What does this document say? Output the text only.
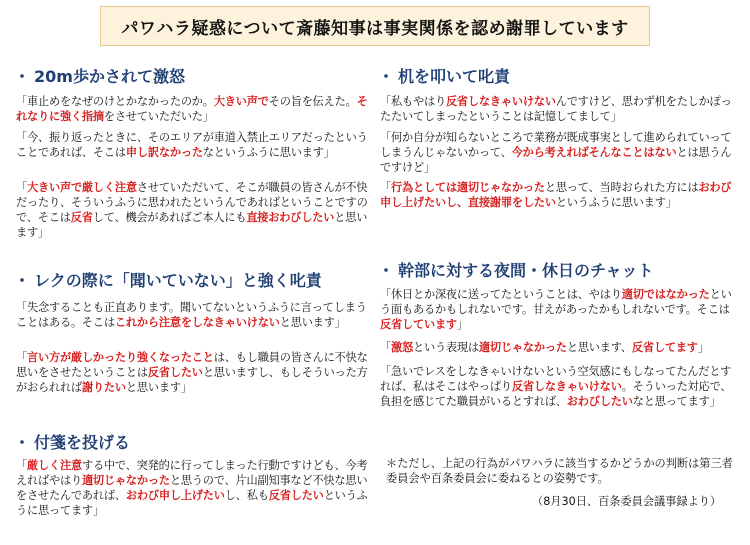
パワハラ疑惑について斎藤知事は事実関係を認め謝罪しています
・ 20m歩かされて激怒
「車止めをなぜのけとかなかったのか。大きい声でその旨を伝えた。それなりに強く指摘をさせていただいた」
「今、振り返ったときに、そのエリアが車道入禁止エリアだったということであれば、そこは申し訳なかったなというふうに思います」
「大きい声で厳しく注意させていただいて、そこが職員の皆さんが不快だったり、そういうふうに思われたというんであればということですので、そこは反省して、機会があればご本人にも直接おわびしたいと思います」
・ 机を叩いて叱責
「私もやはり反省しなきゃいけないんですけど、思わず机をたしかぽったたいてしまったということは記憶してまして」
「何か自分が知らないところで業務が既成事実として進められていってしまうんじゃないかって、今から考えればそんなことはないとは思うんですけど」
「行為としては適切じゃなかったと思って、当時おられた方にはおわび申し上げたいし、直接謝罪をしたいというふうに思います」
・ レクの際に「聞いていない」と強く叱責
「失念することも正直あります。聞いてないというふうに言ってしまうことはある。そこはこれから注意をしなきゃいけないと思います」
「言い方が厳しかったり強くなったことは、もし職員の皆さんに不快な思いをさせたということは反省したいと思いますし、もしそういった方がおられれば謝りたいと思います」
・ 幹部に対する夜間・休日のチャット
「休日とか深夜に送ってたということは、やはり適切ではなかったという面もあるかもしれないです。甘えがあったかもしれないです。そこは反省しています」
「激怒という表現は適切じゃなかったと思います、反省してます」
「急いでレスをしなきゃいけないという空気感にもしなってたんだとすれば、私はそこはやっぱり反省しなきゃいけない。そういった対応で、負担を感じてた職員がいるとすれば、おわびしたいなと思ってます」
・ 付箋を投げる
「厳しく注意する中で、突発的に行ってしまった行動ですけども、今考えればやはり適切じゃなかったと思うので、片山副知事など不快な思いをさせたんであれば、おわび申し上げたいし、私も反省したいというふうに思ってます」
＊ただし、上記の行為がパワハラに該当するかどうかの判断は第三者　委員会や百条委員会に委ねるとの姿勢です。
（8月30日、百条委員会議事録より）
